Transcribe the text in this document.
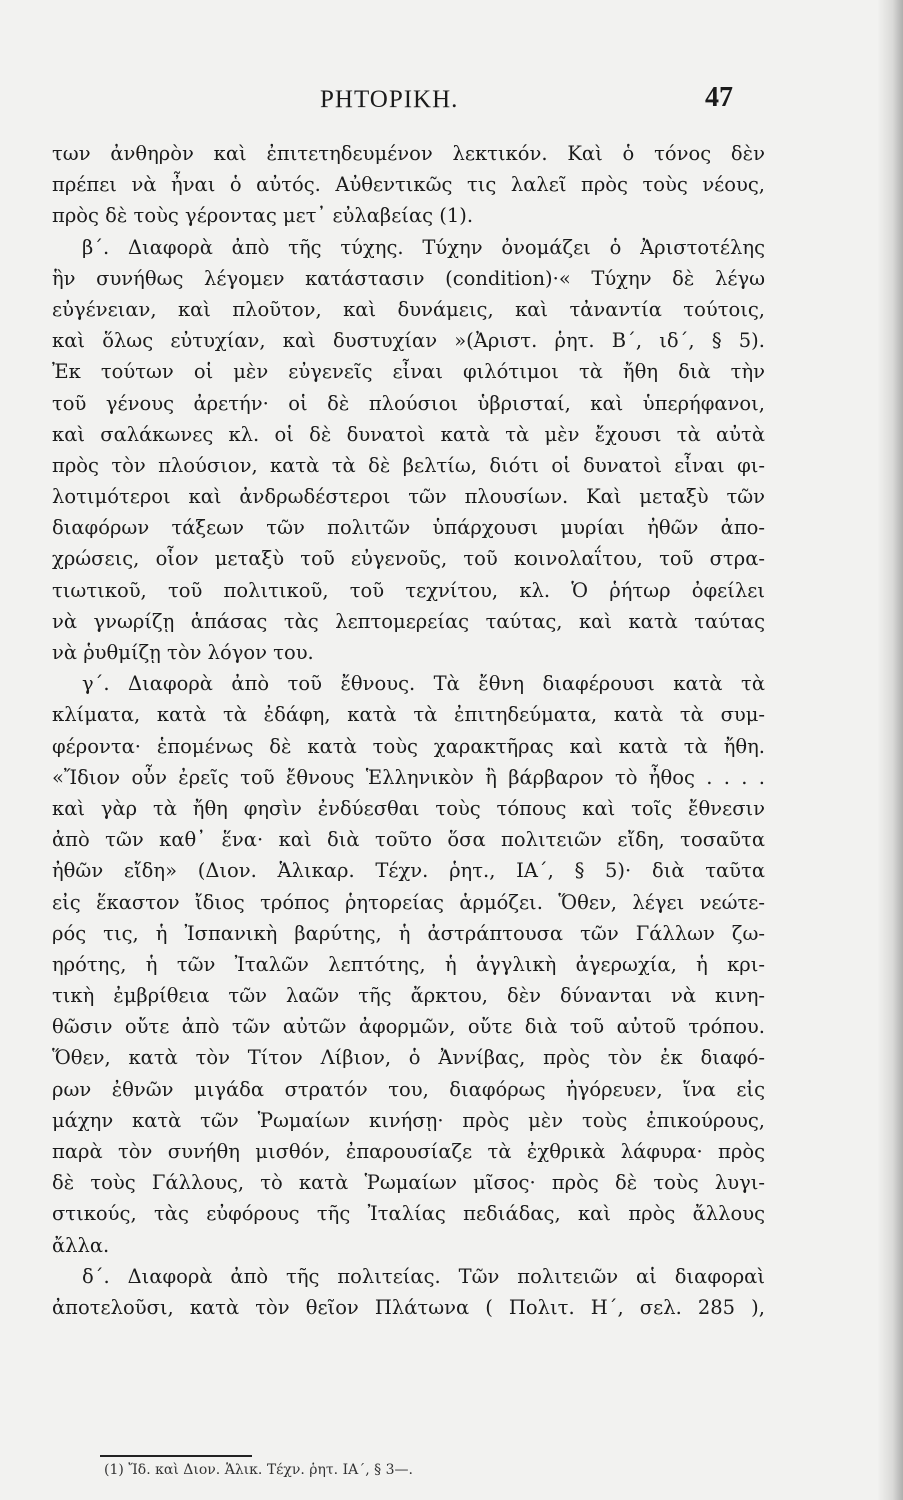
ΡΗΤΟΡΙΚΗ.	47
των ἀνθηρὸν καὶ ἐπιτετηδευμένον λεκτικόν. Καὶ ὁ τόνος δὲν
πρέπει νὰ ἦναι ὁ αὐτός. Αὐθεντικῶς τις λαλεῖ πρὸς τοὺς νέους,
πρὸς δὲ τοὺς γέροντας μετ᾽ εὐλαβείας (1).
β΄. Διαφορὰ ἀπὸ τῆς τύχης. Τύχην ὀνομάζει ὁ Ἀριστοτέλης
ἣν συνήθως λέγομεν κατάστασιν (condition)·« Τύχην δὲ λέγω
εὐγένειαν, καὶ πλοῦτον, καὶ δυνάμεις, καὶ τἀναντία τούτοις,
καὶ ὅλως εὐτυχίαν, καὶ δυστυχίαν »(Ἀριστ. ῥητ. Β΄, ιδ΄, § 5).
Ἐκ τούτων οἱ μὲν εὐγενεῖς εἶναι φιλότιμοι τὰ ἤθη διὰ τὴν
τοῦ γένους ἀρετήν· οἱ δὲ πλούσιοι ὑβρισταί, καὶ ὑπερήφανοι,
καὶ σαλάκωνες κλ. οἱ δὲ δυνατοὶ κατὰ τὰ μὲν ἔχουσι τὰ αὐτὰ
πρὸς τὸν πλούσιον, κατὰ τὰ δὲ βελτίω, διότι οἱ δυνατοὶ εἶναι φι-
λοτιμότεροι καὶ ἀνδρωδέστεροι τῶν πλουσίων. Καὶ μεταξὺ τῶν
διαφόρων τάξεων τῶν πολιτῶν ὑπάρχουσι μυρίαι ἠθῶν ἀπο-
χρώσεις, οἷον μεταξὺ τοῦ εὐγενοῦς, τοῦ κοινολαΐτου, τοῦ στρα-
τιωτικοῦ, τοῦ πολιτικοῦ, τοῦ τεχνίτου, κλ. Ὁ ῥήτωρ ὀφείλει
νὰ γνωρίζῃ ἁπάσας τὰς λεπτομερείας ταύτας, καὶ κατὰ ταύτας
νὰ ῥυθμίζῃ τὸν λόγον του.
γ΄. Διαφορὰ ἀπὸ τοῦ ἔθνους. Τὰ ἔθνη διαφέρουσι κατὰ τὰ
κλίματα, κατὰ τὰ ἐδάφη, κατὰ τὰ ἐπιτηδεύματα, κατὰ τὰ συμ-
φέροντα· ἑπομένως δὲ κατὰ τοὺς χαρακτῆρας καὶ κατὰ τὰ ἤθη.
«Ἴδιον οὖν ἐρεῖς τοῦ ἔθνους Ἑλληνικὸν ἢ βάρβαρον τὸ ἦθος . . . .
καὶ γὰρ τὰ ἤθη φησὶν ἐνδύεσθαι τοὺς τόπους καὶ τοῖς ἔθνεσιν
ἀπὸ τῶν καθ᾽ ἕνα· καὶ διὰ τοῦτο ὅσα πολιτειῶν εἴδη, τοσαῦτα
ἠθῶν εἴδη» (Διον. Ἁλικαρ. Τέχν. ῥητ., ΙΑ΄, § 5)· διὰ ταῦτα
εἰς ἕκαστον ἴδιος τρόπος ῥητορείας ἁρμόζει. Ὅθεν, λέγει νεώτε-
ρός τις, ἡ Ἰσπανικὴ βαρύτης, ἡ ἀστράπτουσα τῶν Γάλλων ζω-
ηρότης, ἡ τῶν Ἰταλῶν λεπτότης, ἡ ἀγγλικὴ ἀγερωχία, ἡ κρι-
τικὴ ἐμβρίθεια τῶν λαῶν τῆς ἄρκτου, δὲν δύνανται νὰ κινη-
θῶσιν οὔτε ἀπὸ τῶν αὐτῶν ἀφορμῶν, οὔτε διὰ τοῦ αὐτοῦ τρόπου.
Ὅθεν, κατὰ τὸν Τίτον Λίβιον, ὁ Ἀννίβας, πρὸς τὸν ἐκ διαφό-
ρων ἐθνῶν μιγάδα στρατόν του, διαφόρως ἠγόρευεν, ἵνα εἰς
μάχην κατὰ τῶν Ῥωμαίων κινήσῃ· πρὸς μὲν τοὺς ἐπικούρους,
παρὰ τὸν συνήθη μισθόν, ἐπαρουσίαζε τὰ ἐχθρικὰ λάφυρα· πρὸς
δὲ τοὺς Γάλλους, τὸ κατὰ Ῥωμαίων μῖσος· πρὸς δὲ τοὺς λυγι-
στικούς, τὰς εὐφόρους τῆς Ἰταλίας πεδιάδας, καὶ πρὸς ἄλλους
ἄλλα.
δ΄. Διαφορὰ ἀπὸ τῆς πολιτείας. Τῶν πολιτειῶν αἱ διαφοραὶ
ἀποτελοῦσι, κατὰ τὸν θεῖον Πλάτωνα ( Πολιτ. Η΄, σελ. 285 ),
(1) Ἴδ. καὶ Διον. Ἁλικ. Τέχν. ῥητ. ΙΑ΄, § 3—.
